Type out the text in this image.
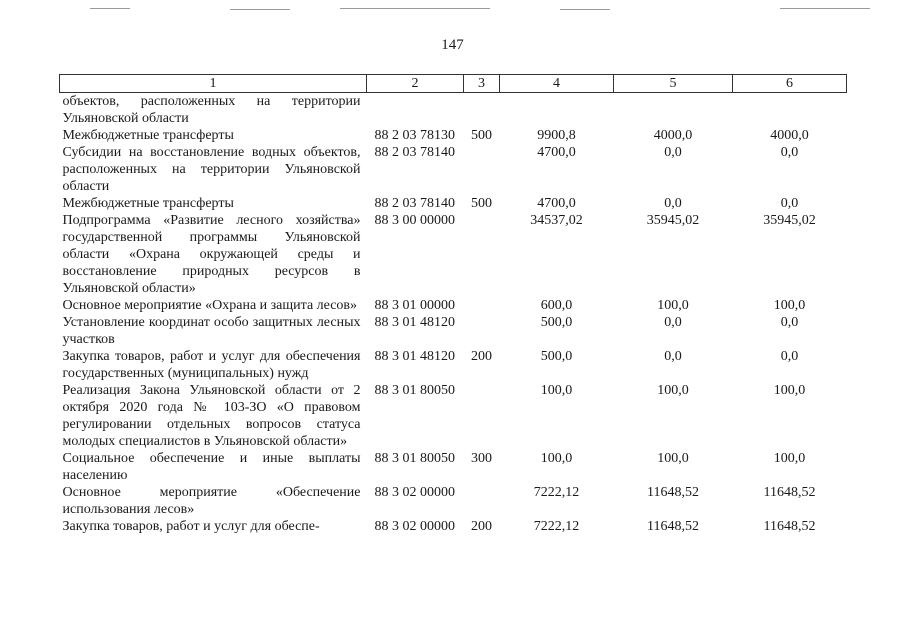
147
1	2	3	4	5	6
объектов, расположенных на территории Ульяновской области					
Межбюджетные трансферты	88 2 03 78130	500	9900,8	4000,0	4000,0
Субсидии на восстановление водных объектов, расположенных на территории Ульяновской области	88 2 03 78140		4700,0	0,0	0,0
Межбюджетные трансферты	88 2 03 78140	500	4700,0	0,0	0,0
Подпрограмма «Развитие лесного хозяйства» государственной программы Ульяновской области «Охрана окружающей среды и восстановление природных ресурсов в Ульяновской области»	88 3 00 00000		34537,02	35945,02	35945,02
Основное мероприятие «Охрана и защита лесов»	88 3 01 00000		600,0	100,0	100,0
Установление координат особо защитных лесных участков	88 3 01 48120		500,0	0,0	0,0
Закупка товаров, работ и услуг для обеспечения государственных (муниципальных) нужд	88 3 01 48120	200	500,0	0,0	0,0
Реализация Закона Ульяновской области от 2 октября 2020 года № 103-ЗО «О правовом регулировании отдельных вопросов статуса молодых специалистов в Ульяновской области»	88 3 01 80050		100,0	100,0	100,0
Социальное обеспечение и иные выплаты населению	88 3 01 80050	300	100,0	100,0	100,0
Основное мероприятие «Обеспечение использования лесов»	88 3 02 00000		7222,12	11648,52	11648,52
Закупка товаров, работ и услуг для обеспе-	88 3 02 00000	200	7222,12	11648,52	11648,52
